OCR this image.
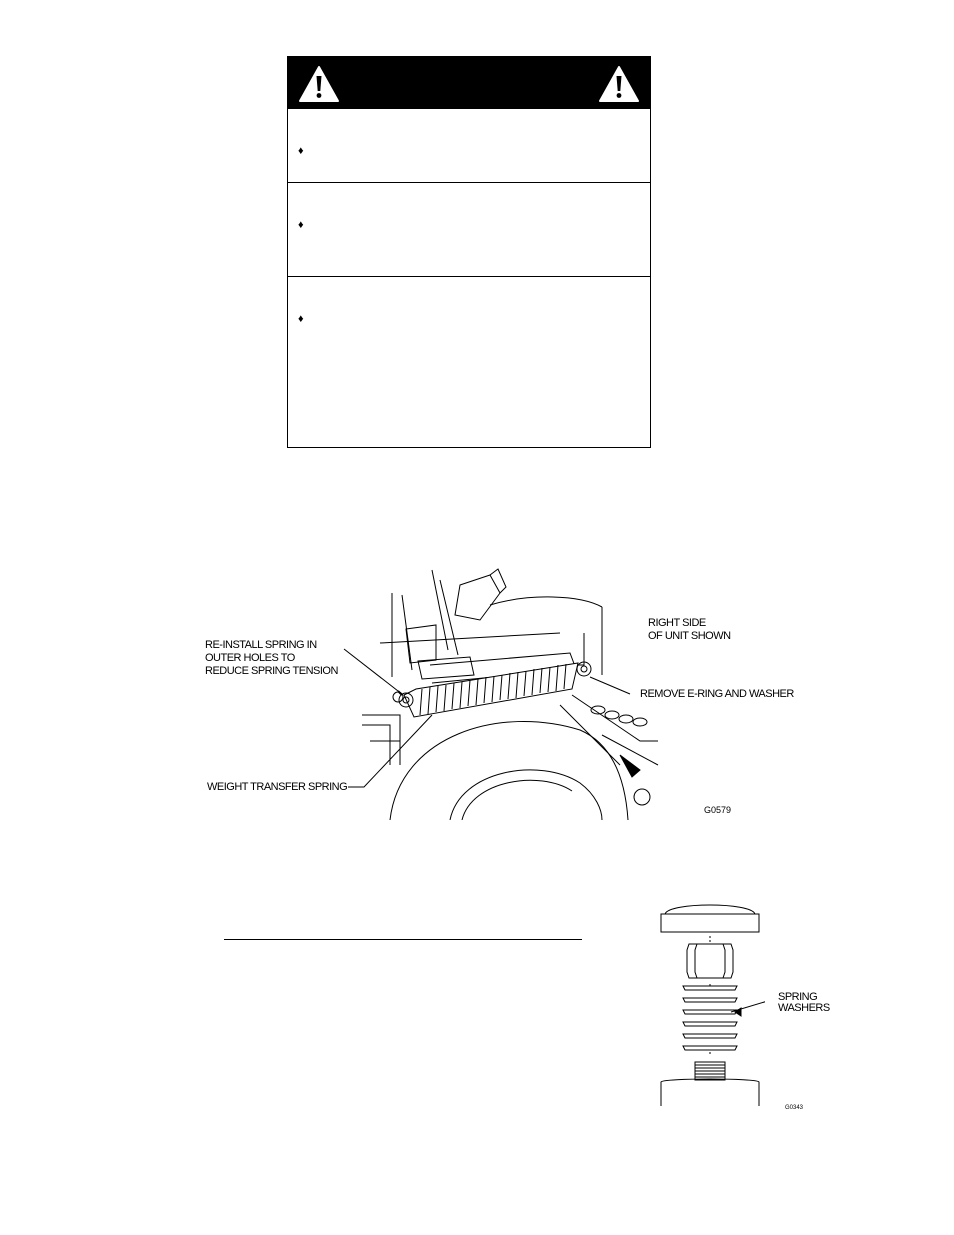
♦
♦
♦
RE-INSTALL SPRING IN
OUTER HOLES TO
REDUCE SPRING TENSION
RIGHT SIDE
OF UNIT SHOWN
REMOVE E-RING AND WASHER
WEIGHT TRANSFER SPRING
G0579
SPRING
WASHERS
G0343
